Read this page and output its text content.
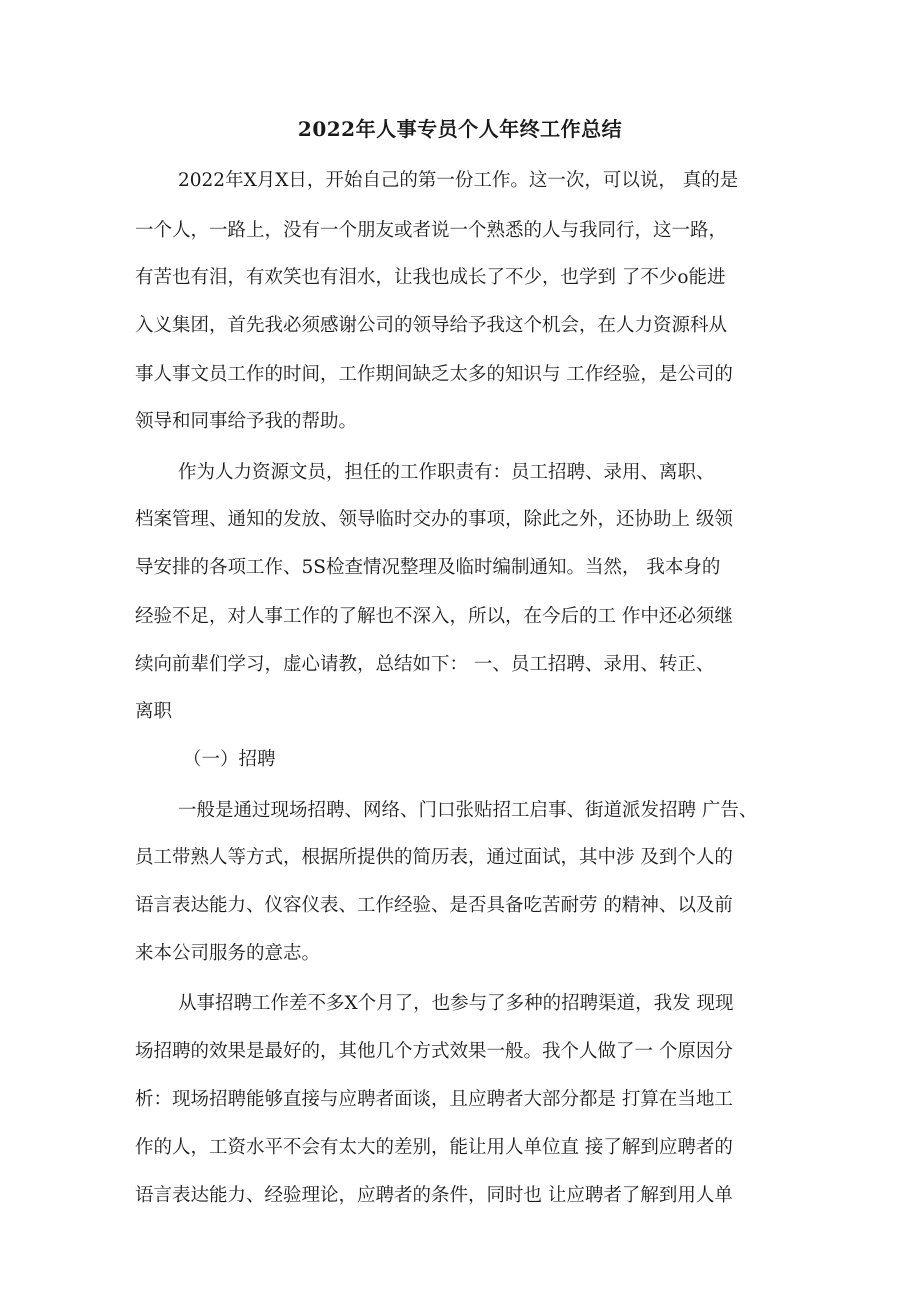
2022年人事专员个人年终工作总结

2022年X月X日，开始自己的第一份工作。这一次，可以说， 真的是

一个人，一路上，没有一个朋友或者说一个熟悉的人与我同行，这一路，

有苦也有泪，有欢笑也有泪水，让我也成长了不少，也学到 了不少o能进

入义集团，首先我必须感谢公司的领导给予我这个机会，在人力资源科从

事人事文员工作的时间，工作期间缺乏太多的知识与 工作经验，是公司的

领导和同事给予我的帮助。

作为人力资源文员，担任的工作职责有：员工招聘、录用、离职、

档案管理、通知的发放、领导临时交办的事项，除此之外，还协助上 级领

导安排的各项工作、5S检查情况整理及临时编制通知。当然， 我本身的

经验不足，对人事工作的了解也不深入，所以，在今后的工 作中还必须继

续向前辈们学习，虚心请教，总结如下： 一、员工招聘、录用、转正、

离职

（一）招聘

一般是通过现场招聘、网络、门口张贴招工启事、街道派发招聘 广告、

员工带熟人等方式，根据所提供的简历表，通过面试，其中涉 及到个人的

语言表达能力、仪容仪表、工作经验、是否具备吃苦耐劳 的精神、以及前

来本公司服务的意志。

从事招聘工作差不多X个月了，也参与了多种的招聘渠道，我发 现现

场招聘的效果是最好的，其他几个方式效果一般。我个人做了一 个原因分

析：现场招聘能够直接与应聘者面谈，且应聘者大部分都是 打算在当地工

作的人，工资水平不会有太大的差别，能让用人单位直 接了解到应聘者的

语言表达能力、经验理论，应聘者的条件，同时也 让应聘者了解到用人单
